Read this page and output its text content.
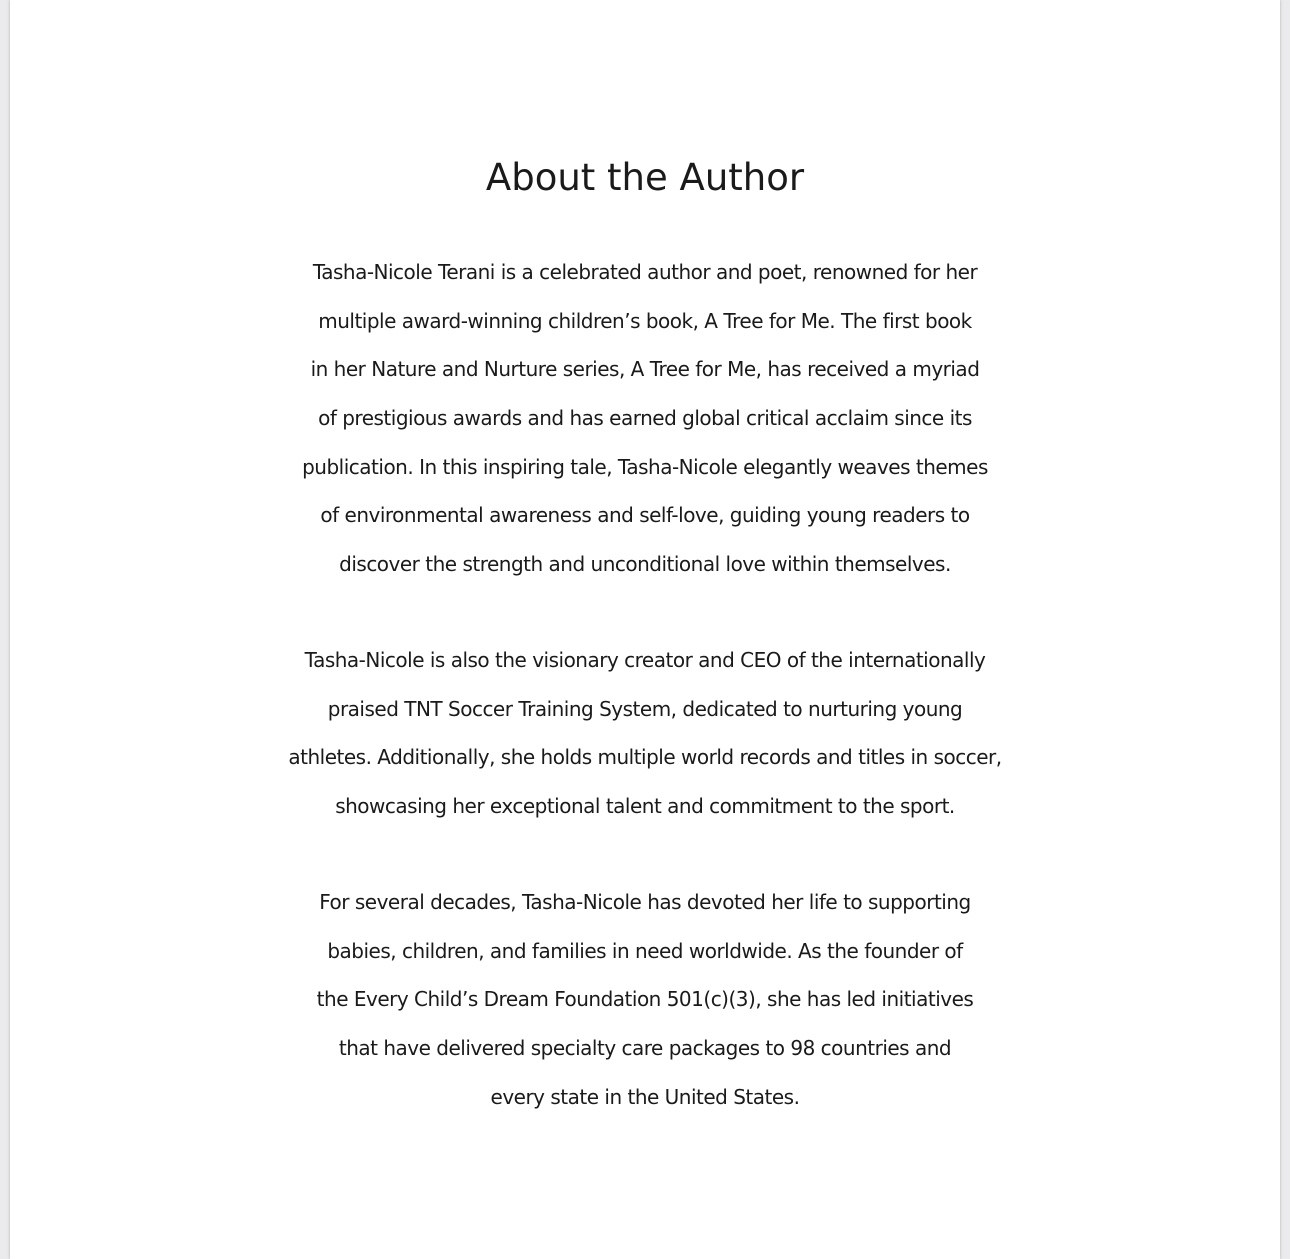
About the Author

Tasha-Nicole Terani is a celebrated author and poet, renowned for her
multiple award-winning children’s book, A Tree for Me. The first book
in her Nature and Nurture series, A Tree for Me, has received a myriad
of prestigious awards and has earned global critical acclaim since its
publication. In this inspiring tale, Tasha-Nicole elegantly weaves themes
of environmental awareness and self-love, guiding young readers to
discover the strength and unconditional love within themselves.

Tasha-Nicole is also the visionary creator and CEO of the internationally
praised TNT Soccer Training System, dedicated to nurturing young
athletes. Additionally, she holds multiple world records and titles in soccer,
showcasing her exceptional talent and commitment to the sport.

For several decades, Tasha-Nicole has devoted her life to supporting
babies, children, and families in need worldwide. As the founder of
the Every Child’s Dream Foundation 501(c)(3), she has led initiatives
that have delivered specialty care packages to 98 countries and
every state in the United States.
